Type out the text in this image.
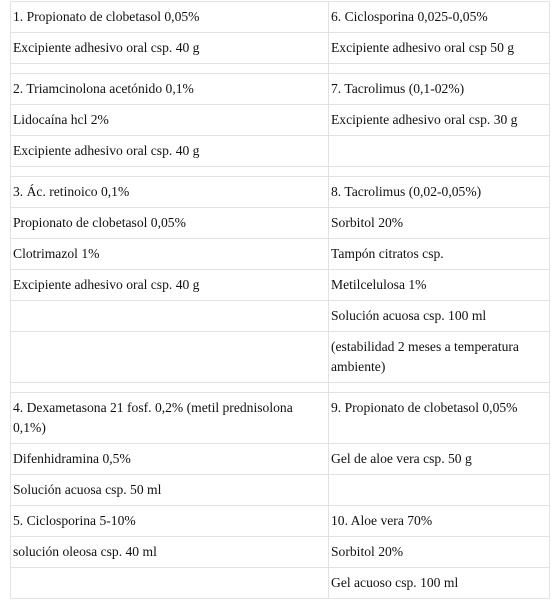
1. Propionato de clobetasol 0,05%	6. Ciclosporina 0,025-0,05%
Excipiente adhesivo oral csp. 40 g	Excipiente adhesivo oral csp 50 g

2. Triamcinolona acetónido 0,1%	7. Tacrolimus (0,1-02%)
Lidocaína hcl 2%	Excipiente adhesivo oral csp. 30 g
Excipiente adhesivo oral csp. 40 g	

3. Ác. retinoico 0,1%	8. Tacrolimus (0,02-0,05%)
Propionato de clobetasol 0,05%	Sorbitol 20%
Clotrimazol 1%	Tampón citratos csp.
Excipiente adhesivo oral csp. 40 g	Metilcelulosa 1%
	Solución acuosa csp. 100 ml
	(estabilidad 2 meses a temperatura ambiente)

4. Dexametasona 21 fosf. 0,2% (metil prednisolona 0,1%)	9. Propionato de clobetasol 0,05%
Difenhidramina 0,5%	Gel de aloe vera csp. 50 g
Solución acuosa csp. 50 ml	
5. Ciclosporina 5-10%	10. Aloe vera 70%
solución oleosa csp. 40 ml	Sorbitol 20%
	Gel acuoso csp. 100 ml
